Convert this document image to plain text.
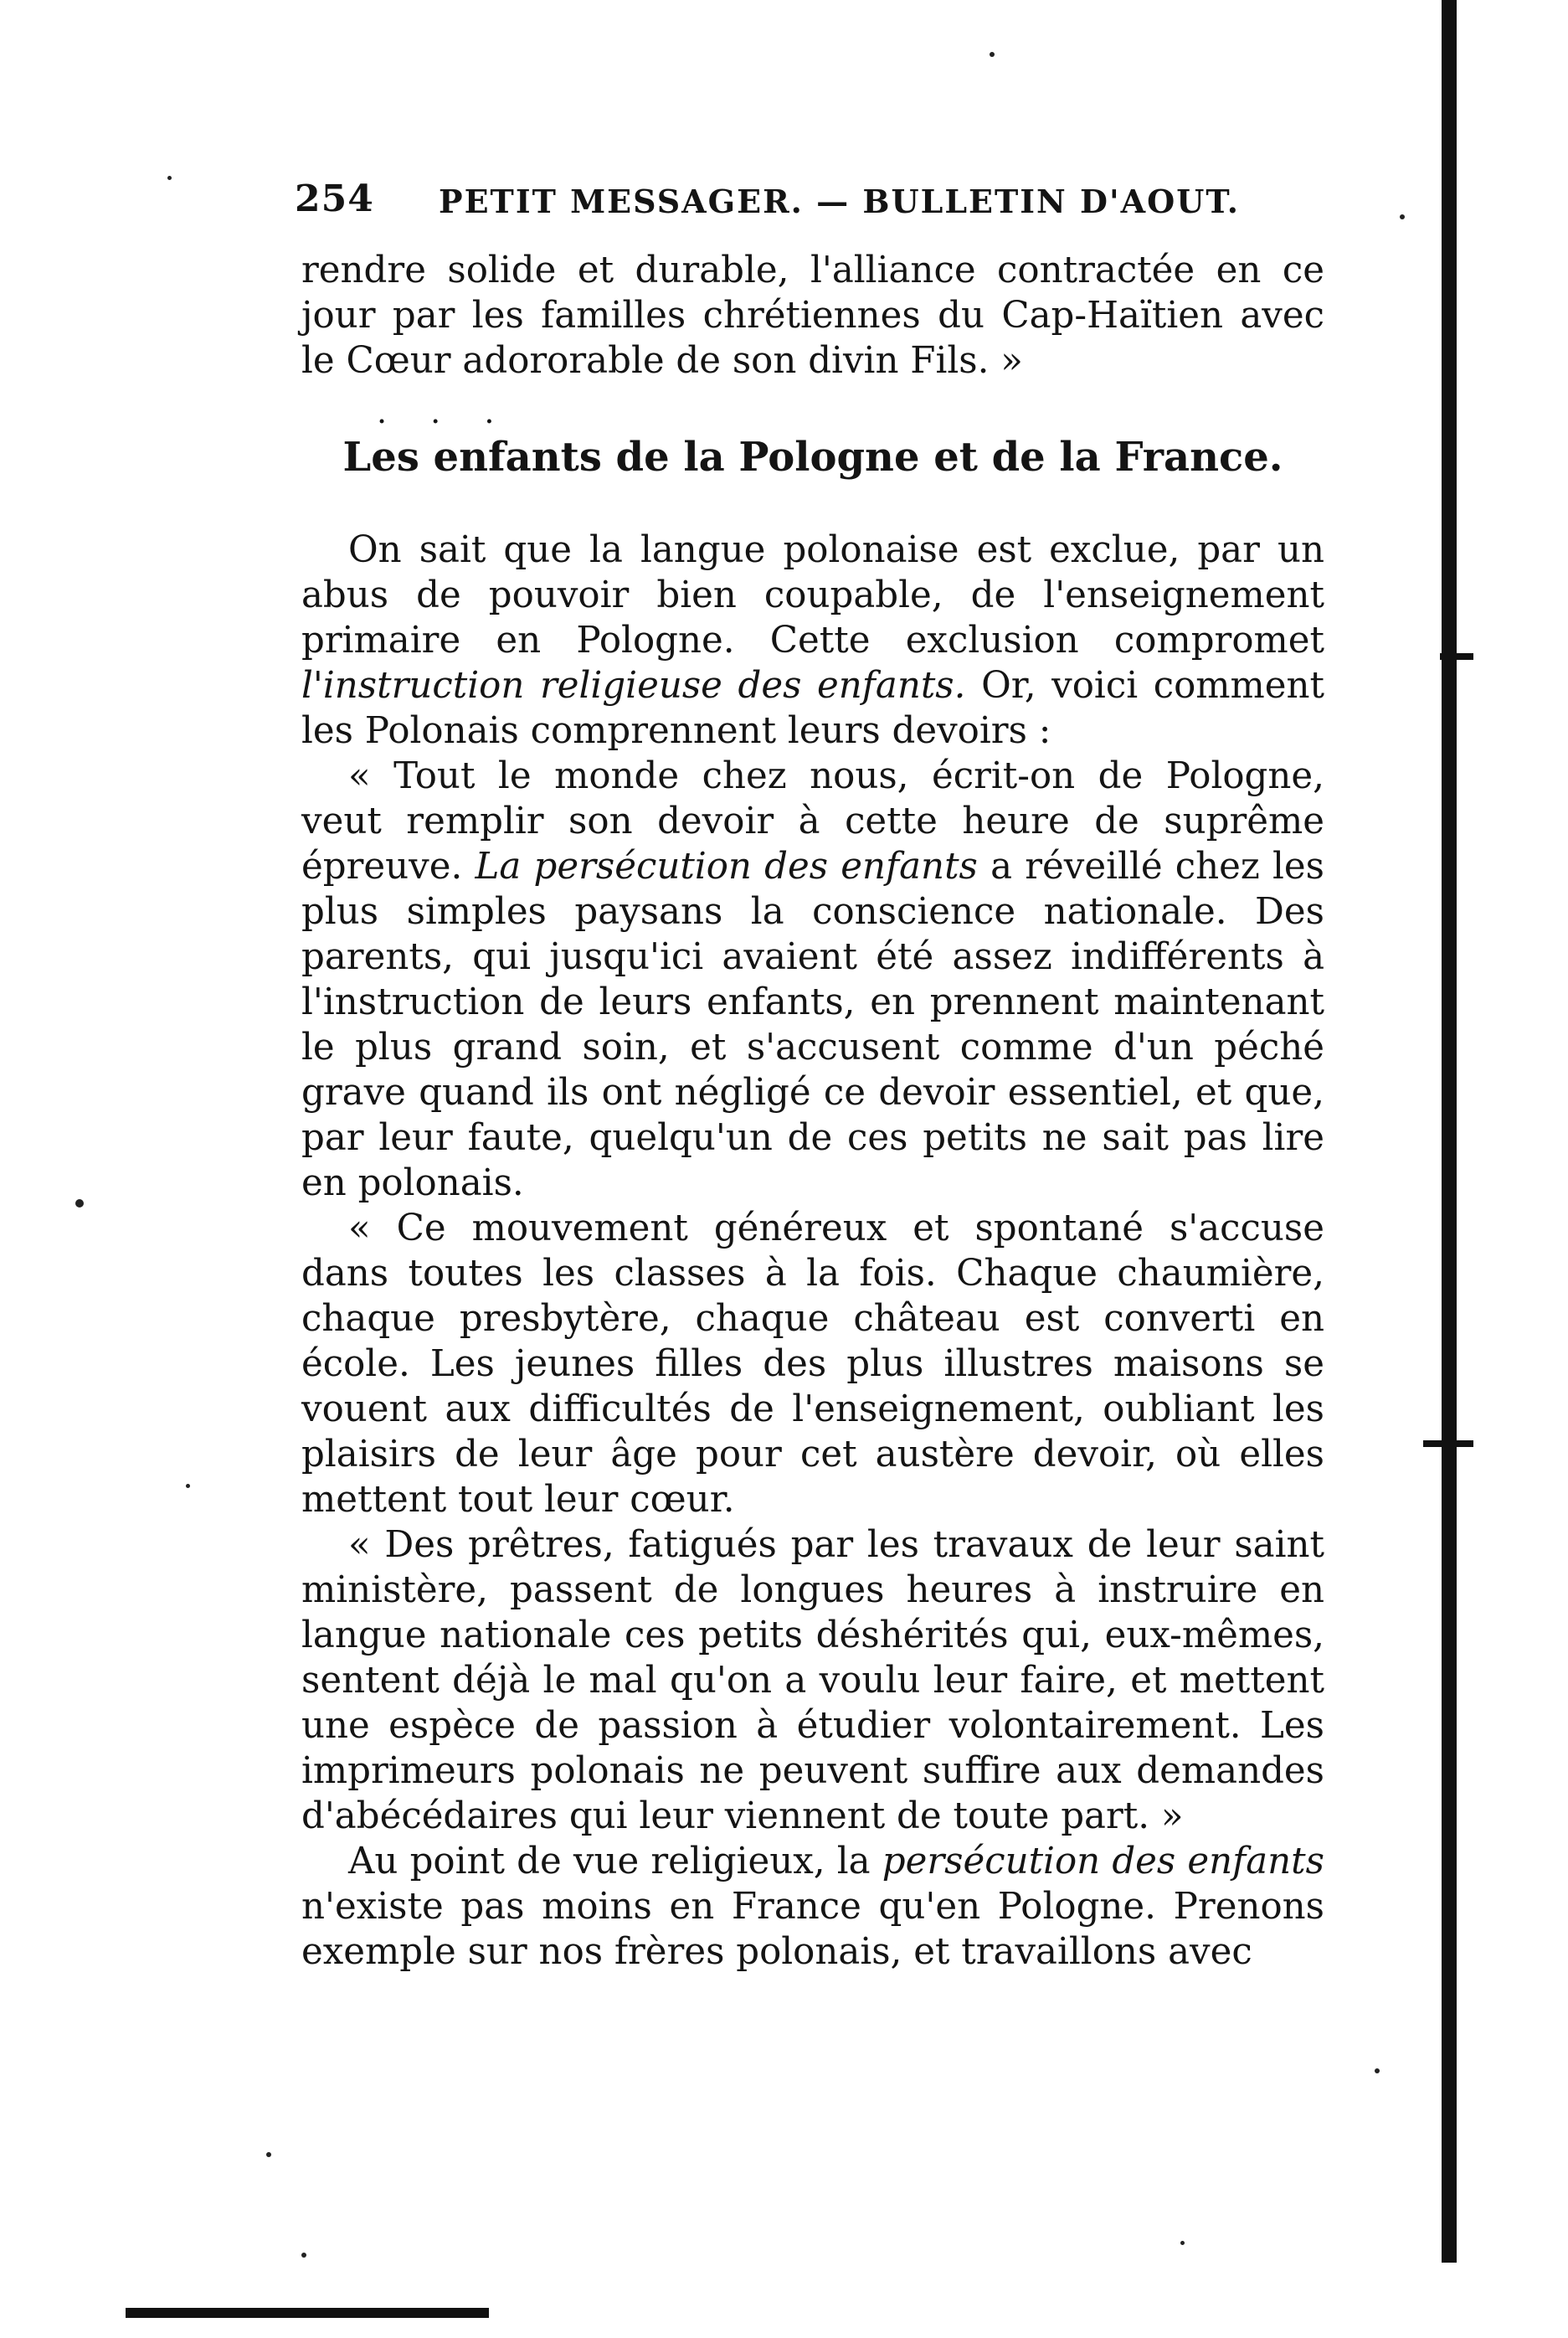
254 PETIT MESSAGER. — BULLETIN D'AOUT.

rendre solide et durable, l'alliance contractée en ce jour par les familles chrétiennes du Cap-Haïtien avec le Cœur adororable de son divin Fils. »

Les enfants de la Pologne et de la France.

On sait que la langue polonaise est exclue, par un abus de pouvoir bien coupable, de l'enseignement primaire en Pologne. Cette exclusion compromet l'instruction religieuse des enfants. Or, voici comment les Polonais comprennent leurs devoirs :

« Tout le monde chez nous, écrit-on de Pologne, veut remplir son devoir à cette heure de suprême épreuve. La persécution des enfants a réveillé chez les plus simples paysans la conscience nationale. Des parents, qui jusqu'ici avaient été assez indifférents à l'instruction de leurs enfants, en prennent maintenant le plus grand soin, et s'accusent comme d'un péché grave quand ils ont négligé ce devoir essentiel, et que, par leur faute, quelqu'un de ces petits ne sait pas lire en polonais.

« Ce mouvement généreux et spontané s'accuse dans toutes les classes à la fois. Chaque chaumière, chaque presbytère, chaque château est converti en école. Les jeunes filles des plus illustres maisons se vouent aux difficultés de l'enseignement, oubliant les plaisirs de leur âge pour cet austère devoir, où elles mettent tout leur cœur.

« Des prêtres, fatigués par les travaux de leur saint ministère, passent de longues heures à instruire en langue nationale ces petits déshérités qui, eux-mêmes, sentent déjà le mal qu'on a voulu leur faire, et mettent une espèce de passion à étudier volontairement. Les imprimeurs polonais ne peuvent suffire aux demandes d'abécédaires qui leur viennent de toute part. »

Au point de vue religieux, la persécution des enfants n'existe pas moins en France qu'en Pologne. Prenons exemple sur nos frères polonais, et travaillons avec

. . .
